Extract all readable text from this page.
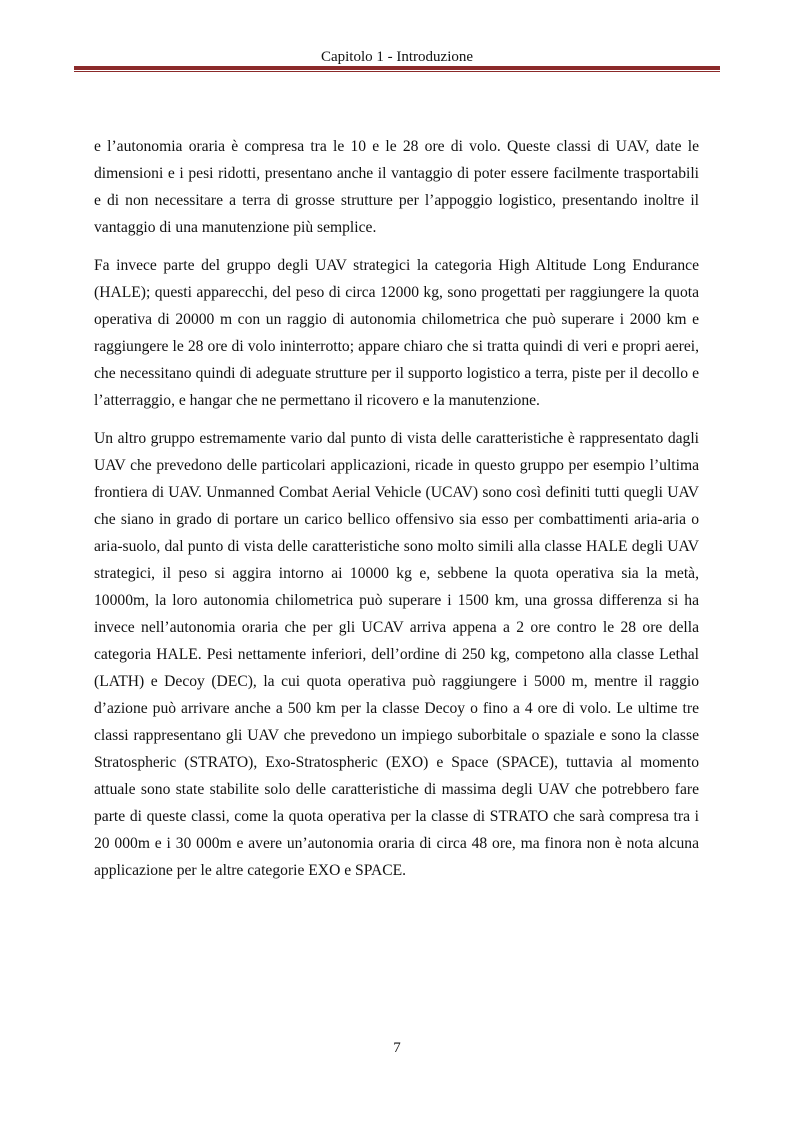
Capitolo 1 - Introduzione

e l’autonomia oraria è compresa tra le 10 e le 28 ore di volo. Queste classi di UAV, date le dimensioni e i pesi ridotti, presentano anche il vantaggio di poter essere facilmente trasportabili e di non necessitare a terra di grosse strutture per l’appoggio logistico, presentando inoltre il vantaggio di una manutenzione più semplice.

Fa invece parte del gruppo degli UAV strategici la categoria High Altitude Long Endurance (HALE); questi apparecchi, del peso di circa 12000 kg, sono progettati per raggiungere la quota operativa di 20000 m con un raggio di autonomia chilometrica che può superare i 2000 km e raggiungere le 28 ore di volo ininterrotto; appare chiaro che si tratta quindi di veri e propri aerei, che necessitano quindi di adeguate strutture per il supporto logistico a terra, piste per il decollo e l’atterraggio, e hangar che ne permettano il ricovero e la manutenzione.

Un altro gruppo estremamente vario dal punto di vista delle caratteristiche è rappresentato dagli UAV che prevedono delle particolari applicazioni, ricade in questo gruppo per esempio l’ultima frontiera di UAV. Unmanned Combat Aerial Vehicle (UCAV) sono così definiti tutti quegli UAV che siano in grado di portare un carico bellico offensivo sia esso per combattimenti aria-aria o aria-suolo, dal punto di vista delle caratteristiche sono molto simili alla classe HALE degli UAV strategici, il peso si aggira intorno ai 10000 kg e, sebbene la quota operativa sia la metà, 10000m, la loro autonomia chilometrica può superare i 1500 km, una grossa differenza si ha invece nell’autonomia oraria che per gli UCAV arriva appena a 2 ore contro le 28 ore della categoria HALE. Pesi nettamente inferiori, dell’ordine di 250 kg, competono alla classe Lethal (LATH) e Decoy (DEC), la cui quota operativa può raggiungere i 5000 m, mentre il raggio d’azione può arrivare anche a 500 km per la classe Decoy o fino a 4 ore di volo. Le ultime tre classi rappresentano gli UAV che prevedono un impiego suborbitale o spaziale e sono la classe Stratospheric (STRATO), Exo-Stratospheric (EXO) e Space (SPACE), tuttavia al momento attuale sono state stabilite solo delle caratteristiche di massima degli UAV che potrebbero fare parte di queste classi, come la quota operativa per la classe di STRATO che sarà compresa tra i 20 000m e i 30 000m e avere un’autonomia oraria di circa 48 ore, ma finora non è nota alcuna applicazione per le altre categorie EXO e SPACE.

7
